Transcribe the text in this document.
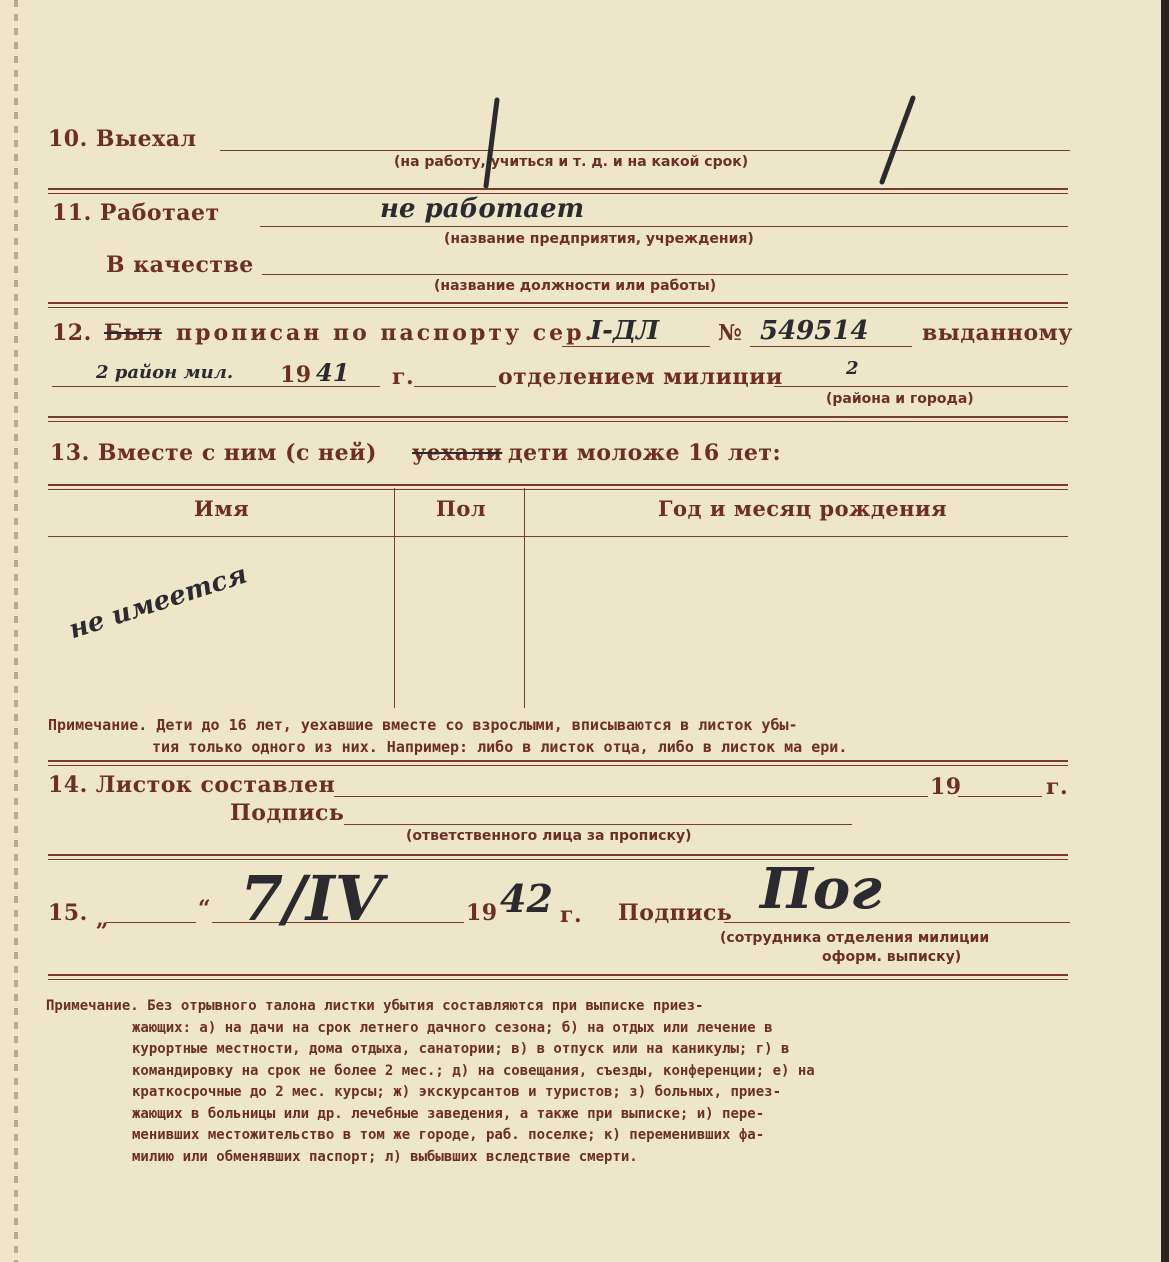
10. Выехал
(на работу, учиться и т. д. и на какой срок)
11. Работает	не работает
(название предприятия, учреждения)
В качестве
(название должности или работы)
12. Был прописан по паспорту сер.
I-ДЛ	№ 549514 выданному
2 район мил. 19 41 г.	отделением милиции	2
(района и города)
13. Вместе с ним (с ней) уехали дети моложе 16 лет:
Имя	Пол	Год и месяц рождения
не имеется
Примечание. Дети до 16 лет, уехавшие вместе со взрослыми, вписываются в листок убы-
тия только одного из них. Например: либо в листок отца, либо в листок ма ери.
14. Листок составлен	19	г.
Подпись
(ответственного лица за прописку)
15. „	“ 7/IV	19 42 г. Подпись Пог
(сотрудника отделения милиции
оформ. выписку)
Примечание. Без отрывного талона листки убытия составляются при выписке приез-
жающих: а) на дачи на срок летнего дачного сезона; б) на отдых или лечение в
курортные местности, дома отдыха, санатории; в) в отпуск или на каникулы; г) в
командировку на срок не более 2 мес.; д) на совещания, съезды, конференции; е) на
краткосрочные до 2 мес. курсы; ж) экскурсантов и туристов; з) больных, приез-
жающих в больницы или др. лечебные заведения, а также при выписке; и) пере-
менивших местожительство в том же городе, раб. поселке; к) переменивших фа-
милию или обменявших паспорт; л) выбывших вследствие смерти.
